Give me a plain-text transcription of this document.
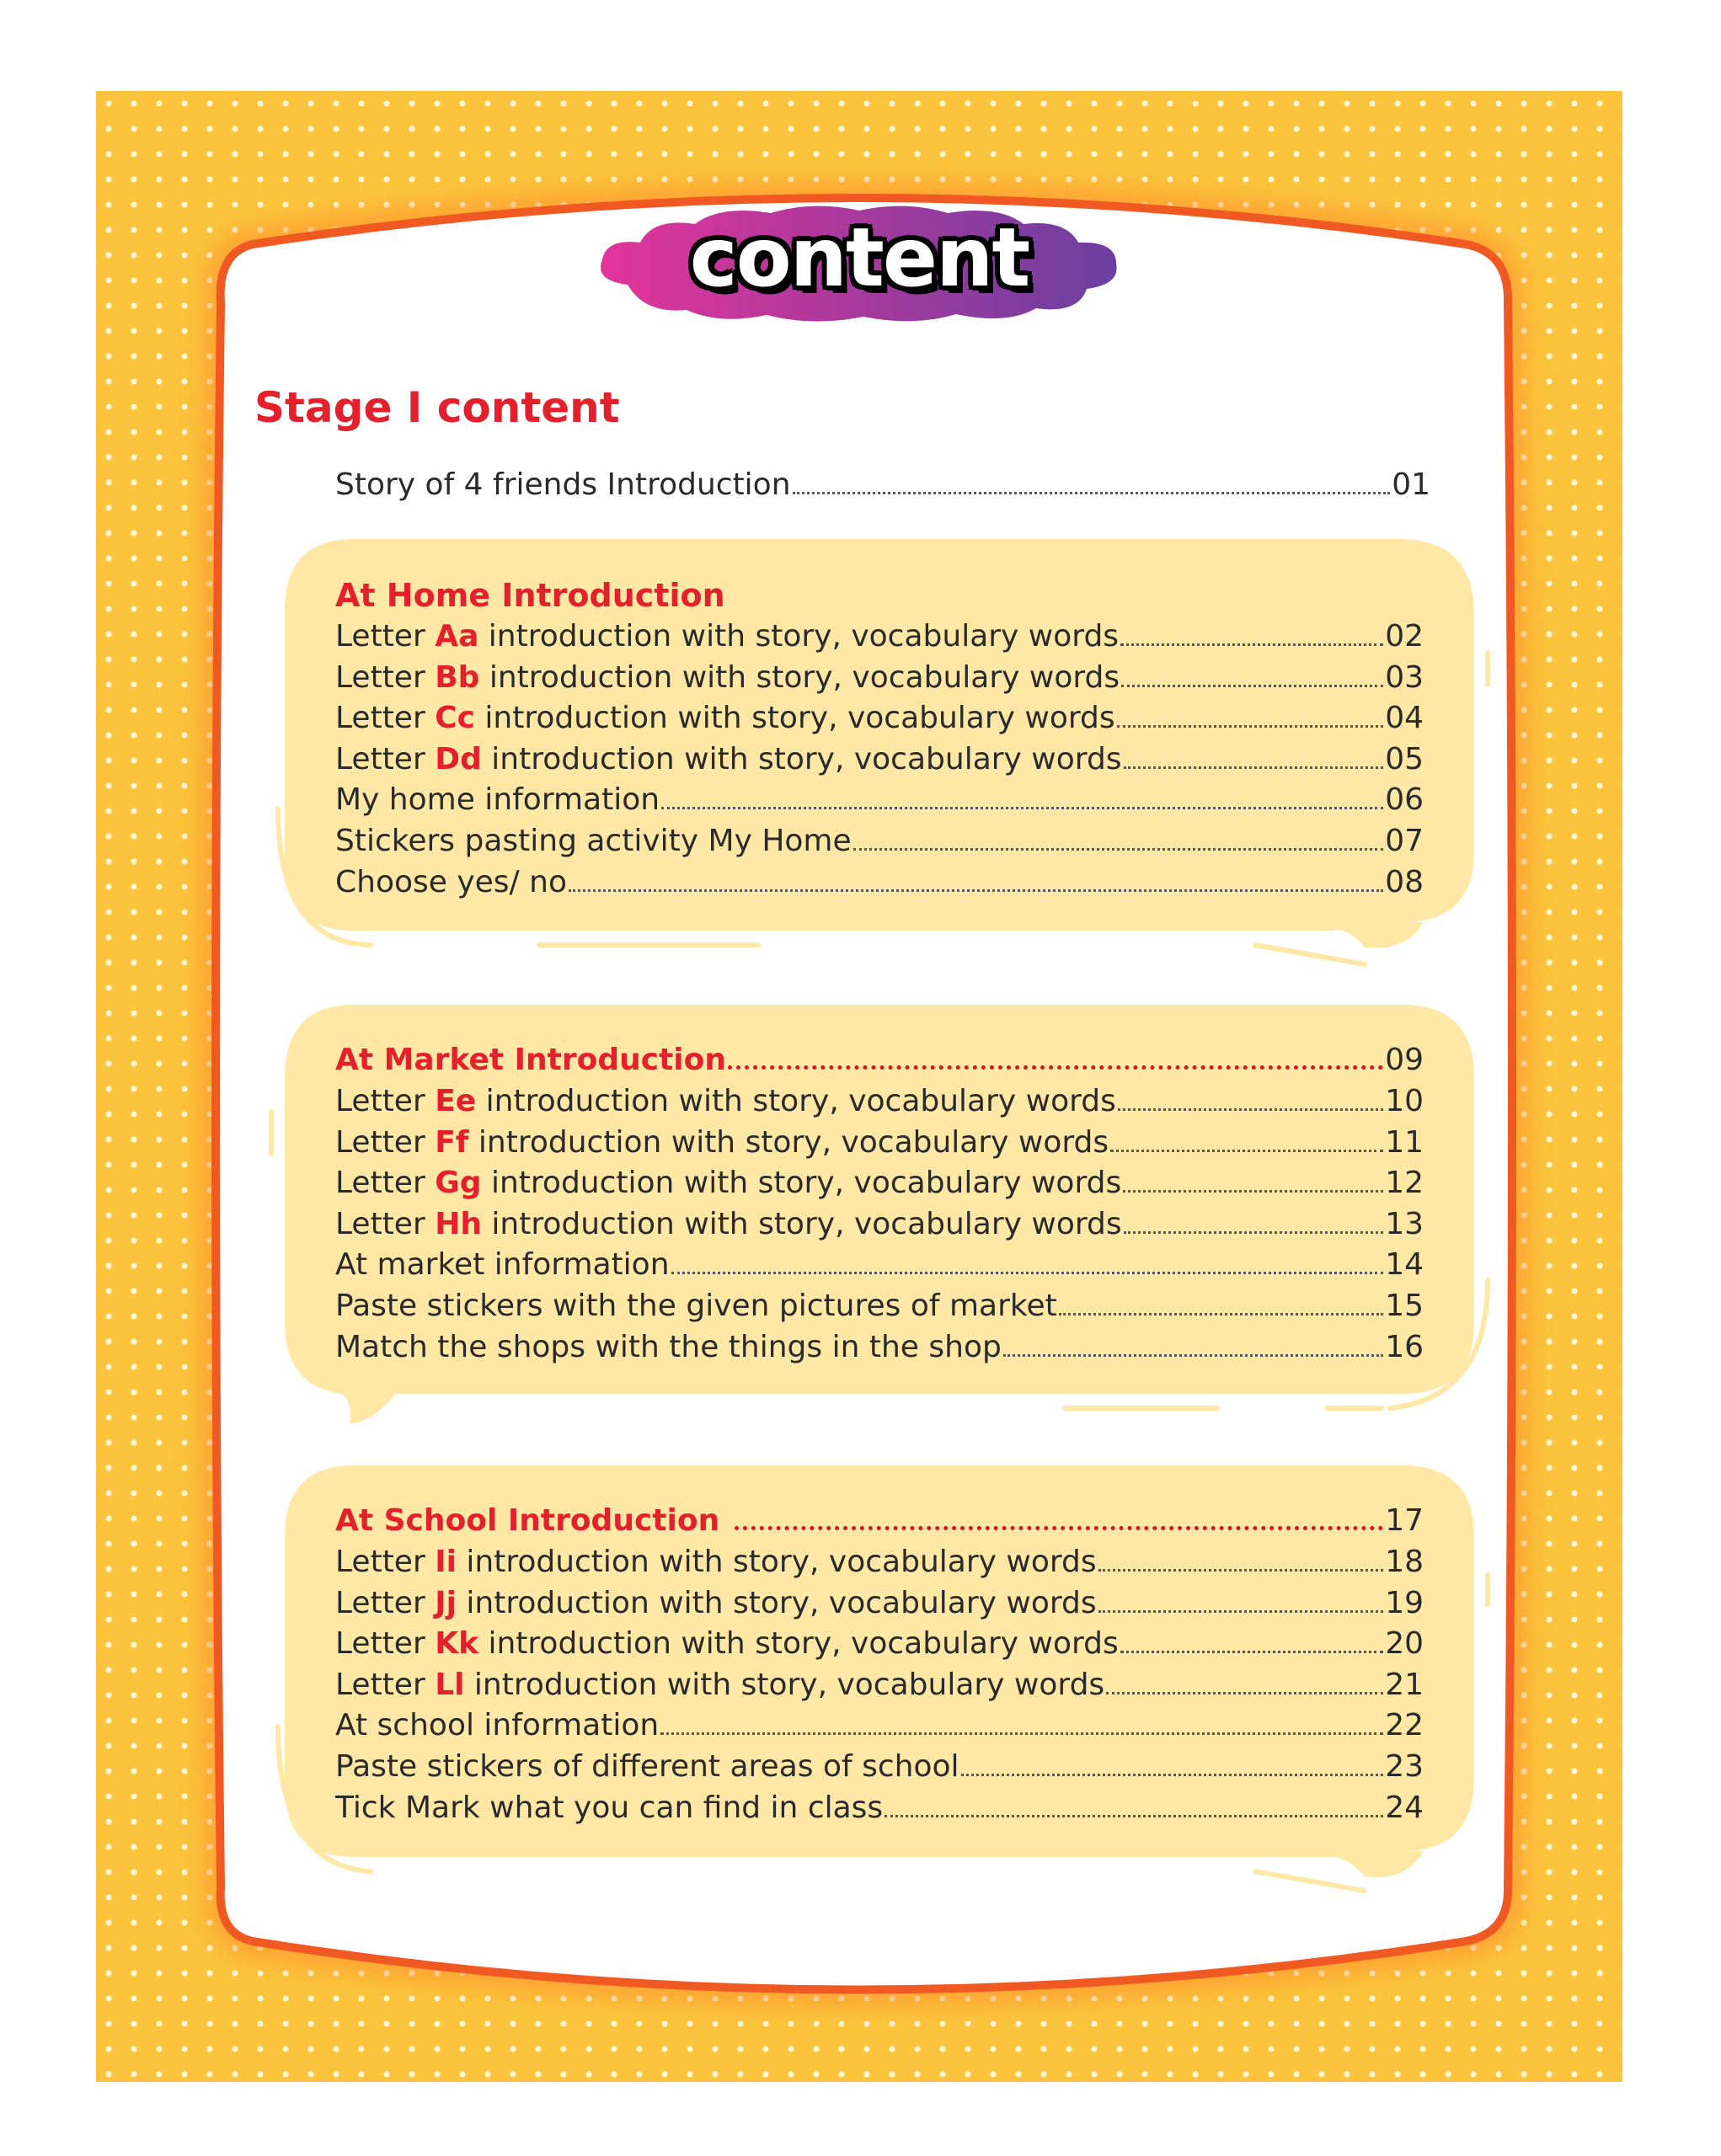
content
Stage I content
Story of 4 friends Introduction	01
At Home Introduction
Letter Aa introduction with story, vocabulary words	02
Letter Bb introduction with story, vocabulary words	03
Letter Cc introduction with story, vocabulary words	04
Letter Dd introduction with story, vocabulary words	05
My home information	06
Stickers pasting activity My Home	07
Choose yes/ no	08
At Market Introduction	09
Letter Ee introduction with story, vocabulary words	10
Letter Ff introduction with story, vocabulary words	11
Letter Gg introduction with story, vocabulary words	12
Letter Hh introduction with story, vocabulary words	13
At market information	14
Paste stickers with the given pictures of market	15
Match the shops with the things in the shop	16
At School Introduction	17
Letter Ii introduction with story, vocabulary words	18
Letter Jj introduction with story, vocabulary words	19
Letter Kk introduction with story, vocabulary words	20
Letter Ll introduction with story, vocabulary words	21
At school information	22
Paste stickers of different areas of school	23
Tick Mark what you can find in class	24
